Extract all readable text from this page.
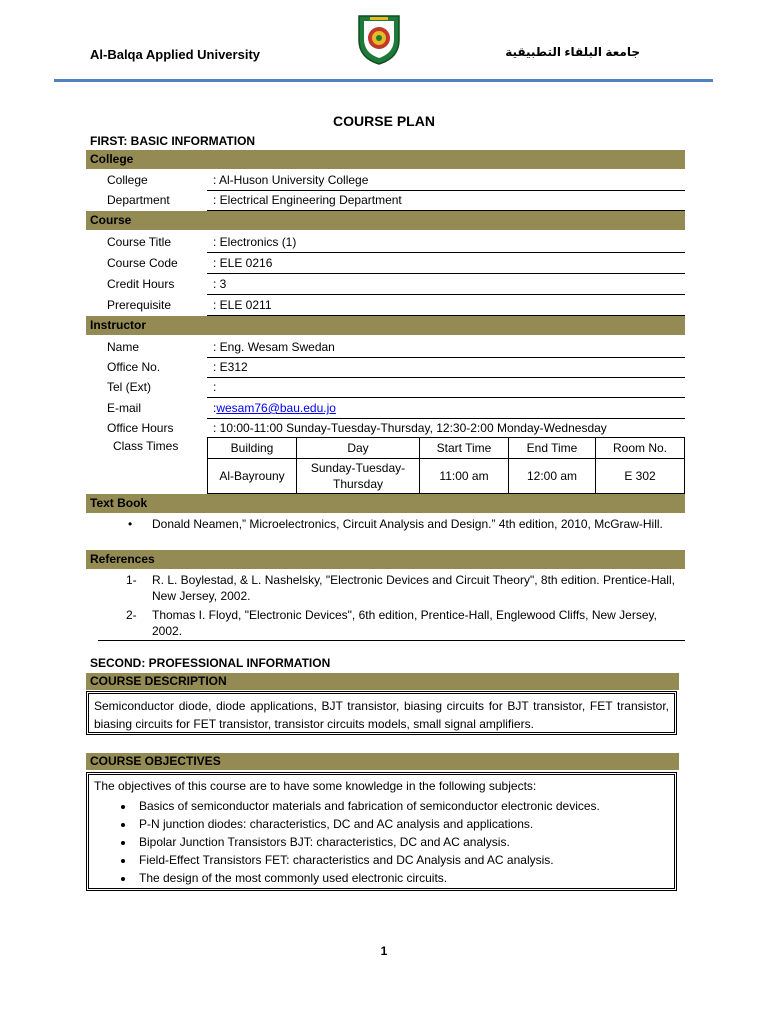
Al-Balqa Applied University	جامعة البلقاء التطبيقية
COURSE PLAN
FIRST: BASIC INFORMATION
College
College	: Al-Huson University College
Department	: Electrical Engineering Department
Course
Course Title	: Electronics (1)
Course Code	: ELE 0216
Credit Hours	: 3
Prerequisite	: ELE 0211
Instructor
Name	: Eng. Wesam Swedan
Office No.	: E312
Tel (Ext)	:
E-mail	:wesam76@bau.edu.jo
Office Hours	: 10:00-11:00 Sunday-Tuesday-Thursday, 12:30-2:00 Monday-Wednesday
Class Times	Building	Day	Start Time	End Time	Room No.
Al-Bayrouny	Sunday-Tuesday-Thursday	11:00 am	12:00 am	E 302
Text Book
• Donald Neamen,” Microelectronics, Circuit Analysis and Design.” 4th edition, 2010, McGraw-Hill.
References
1- R. L. Boylestad, & L. Nashelsky, "Electronic Devices and Circuit Theory", 8th edition. Prentice-Hall, New Jersey, 2002.
2- Thomas I. Floyd, "Electronic Devices", 6th edition, Prentice-Hall, Englewood Cliffs, New Jersey, 2002.
SECOND: PROFESSIONAL INFORMATION
COURSE DESCRIPTION
Semiconductor diode, diode applications, BJT transistor, biasing circuits for BJT transistor, FET transistor, biasing circuits for FET transistor, transistor circuits models, small signal amplifiers.
COURSE OBJECTIVES
The objectives of this course are to have some knowledge in the following subjects:
• Basics of semiconductor materials and fabrication of semiconductor electronic devices.
• P-N junction diodes: characteristics, DC and AC analysis and applications.
• Bipolar Junction Transistors BJT: characteristics, DC and AC analysis.
• Field-Effect Transistors FET: characteristics and DC Analysis and AC analysis.
• The design of the most commonly used electronic circuits.
1
